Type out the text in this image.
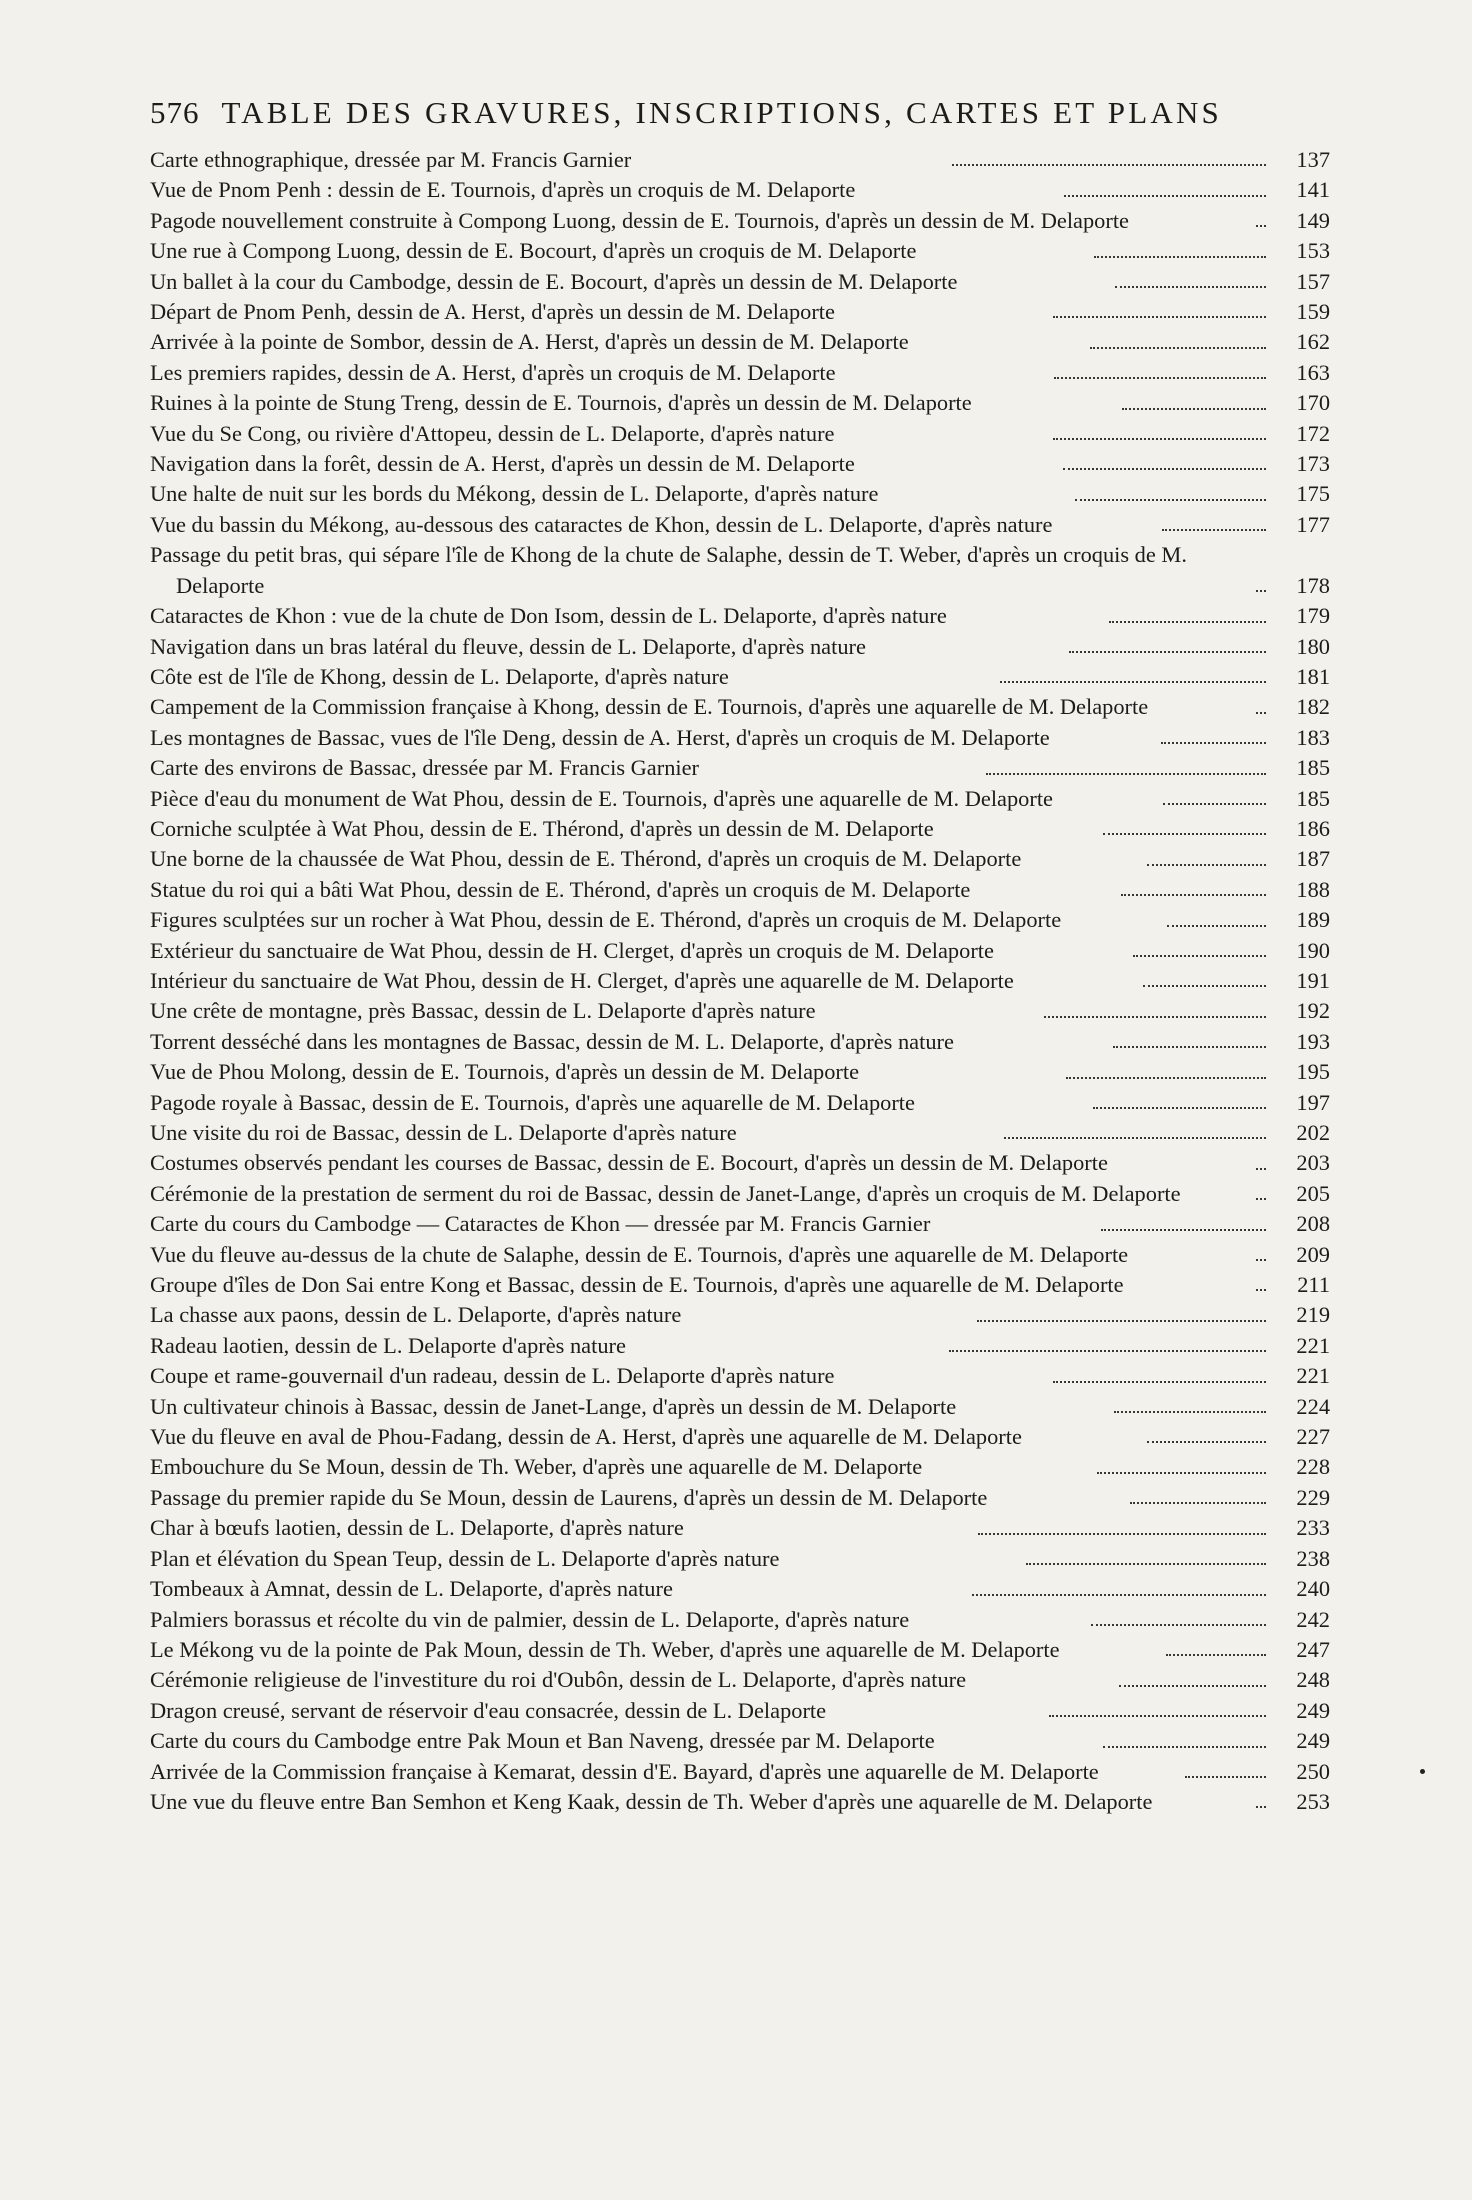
576 TABLE DES GRAVURES, INSCRIPTIONS, CARTES ET PLANS
Carte ethnographique, dressée par M. Francis Garnier	137
Vue de Pnom Penh : dessin de E. Tournois, d'après un croquis de M. Delaporte	141
Pagode nouvellement construite à Compong Luong, dessin de E. Tournois, d'après un dessin de M. Delaporte	149
Une rue à Compong Luong, dessin de E. Bocourt, d'après un croquis de M. Delaporte	153
Un ballet à la cour du Cambodge, dessin de E. Bocourt, d'après un dessin de M. Delaporte	157
Départ de Pnom Penh, dessin de A. Herst, d'après un dessin de M. Delaporte	159
Arrivée à la pointe de Sombor, dessin de A. Herst, d'après un dessin de M. Delaporte	162
Les premiers rapides, dessin de A. Herst, d'après un croquis de M. Delaporte	163
Ruines à la pointe de Stung Treng, dessin de E. Tournois, d'après un dessin de M. Delaporte	170
Vue du Se Cong, ou rivière d'Attopeu, dessin de L. Delaporte, d'après nature	172
Navigation dans la forêt, dessin de A. Herst, d'après un dessin de M. Delaporte	173
Une halte de nuit sur les bords du Mékong, dessin de L. Delaporte, d'après nature	175
Vue du bassin du Mékong, au-dessous des cataractes de Khon, dessin de L. Delaporte, d'après nature	177
Passage du petit bras, qui sépare l'île de Khong de la chute de Salaphe, dessin de T. Weber, d'après un croquis de M. Delaporte	178
Cataractes de Khon : vue de la chute de Don Isom, dessin de L. Delaporte, d'après nature	179
Navigation dans un bras latéral du fleuve, dessin de L. Delaporte, d'après nature	180
Côte est de l'île de Khong, dessin de L. Delaporte, d'après nature	181
Campement de la Commission française à Khong, dessin de E. Tournois, d'après une aquarelle de M. Delaporte	182
Les montagnes de Bassac, vues de l'île Deng, dessin de A. Herst, d'après un croquis de M. Delaporte	183
Carte des environs de Bassac, dressée par M. Francis Garnier	185
Pièce d'eau du monument de Wat Phou, dessin de E. Tournois, d'après une aquarelle de M. Delaporte	185
Corniche sculptée à Wat Phou, dessin de E. Thérond, d'après un dessin de M. Delaporte	186
Une borne de la chaussée de Wat Phou, dessin de E. Thérond, d'après un croquis de M. Delaporte	187
Statue du roi qui a bâti Wat Phou, dessin de E. Thérond, d'après un croquis de M. Delaporte	188
Figures sculptées sur un rocher à Wat Phou, dessin de E. Thérond, d'après un croquis de M. Delaporte	189
Extérieur du sanctuaire de Wat Phou, dessin de H. Clerget, d'après un croquis de M. Delaporte	190
Intérieur du sanctuaire de Wat Phou, dessin de H. Clerget, d'après une aquarelle de M. Delaporte	191
Une crête de montagne, près Bassac, dessin de L. Delaporte d'après nature	192
Torrent desséché dans les montagnes de Bassac, dessin de M. L. Delaporte, d'après nature	193
Vue de Phou Molong, dessin de E. Tournois, d'après un dessin de M. Delaporte	195
Pagode royale à Bassac, dessin de E. Tournois, d'après une aquarelle de M. Delaporte	197
Une visite du roi de Bassac, dessin de L. Delaporte d'après nature	202
Costumes observés pendant les courses de Bassac, dessin de E. Bocourt, d'après un dessin de M. Delaporte	203
Cérémonie de la prestation de serment du roi de Bassac, dessin de Janet-Lange, d'après un croquis de M. Delaporte	205
Carte du cours du Cambodge — Cataractes de Khon — dressée par M. Francis Garnier	208
Vue du fleuve au-dessus de la chute de Salaphe, dessin de E. Tournois, d'après une aquarelle de M. Delaporte	209
Groupe d'îles de Don Sai entre Kong et Bassac, dessin de E. Tournois, d'après une aquarelle de M. Delaporte	211
La chasse aux paons, dessin de L. Delaporte, d'après nature	219
Radeau laotien, dessin de L. Delaporte d'après nature	221
Coupe et rame-gouvernail d'un radeau, dessin de L. Delaporte d'après nature	221
Un cultivateur chinois à Bassac, dessin de Janet-Lange, d'après un dessin de M. Delaporte	224
Vue du fleuve en aval de Phou-Fadang, dessin de A. Herst, d'après une aquarelle de M. Delaporte	227
Embouchure du Se Moun, dessin de Th. Weber, d'après une aquarelle de M. Delaporte	228
Passage du premier rapide du Se Moun, dessin de Laurens, d'après un dessin de M. Delaporte	229
Char à bœufs laotien, dessin de L. Delaporte, d'après nature	233
Plan et élévation du Spean Teup, dessin de L. Delaporte d'après nature	238
Tombeaux à Amnat, dessin de L. Delaporte, d'après nature	240
Palmiers borassus et récolte du vin de palmier, dessin de L. Delaporte, d'après nature	242
Le Mékong vu de la pointe de Pak Moun, dessin de Th. Weber, d'après une aquarelle de M. Delaporte	247
Cérémonie religieuse de l'investiture du roi d'Oubôn, dessin de L. Delaporte, d'après nature	248
Dragon creusé, servant de réservoir d'eau consacrée, dessin de L. Delaporte	249
Carte du cours du Cambodge entre Pak Moun et Ban Naveng, dressée par M. Delaporte	249
Arrivée de la Commission française à Kemarat, dessin d'E. Bayard, d'après une aquarelle de M. Delaporte	250
Une vue du fleuve entre Ban Semhon et Keng Kaak, dessin de Th. Weber d'après une aquarelle de M. Delaporte	253
